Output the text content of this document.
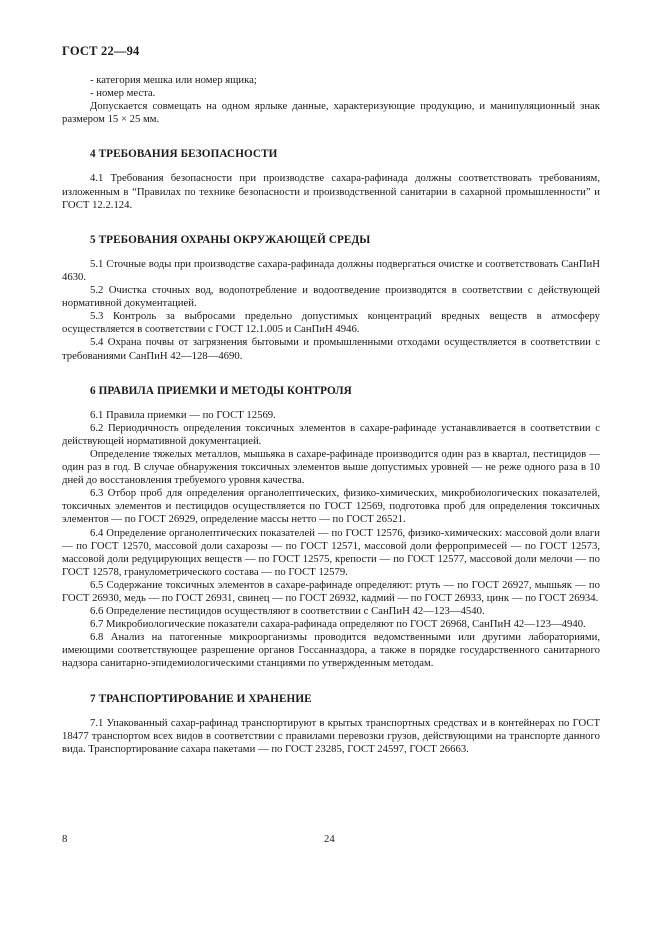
ГОСТ 22—94

- категория мешка или номер ящика;

- номер места.

Допускается совмещать на одном ярлыке данные, характеризующие продукцию, и манипуляционный знак размером 15 × 25 мм.

4 ТРЕБОВАНИЯ БЕЗОПАСНОСТИ

4.1 Требования безопасности при производстве сахара-рафинада должны соответствовать требованиям, изложенным в “Правилах по технике безопасности и производственной санитарии в сахарной промышленности” и ГОСТ 12.2.124.

5 ТРЕБОВАНИЯ ОХРАНЫ ОКРУЖАЮЩЕЙ СРЕДЫ

5.1 Сточные воды при производстве сахара-рафинада должны подвергаться очистке и соответствовать СанПиН 4630.

5.2 Очистка сточных вод, водопотребление и водоотведение производятся в соответствии с действующей нормативной документацией.

5.3 Контроль за выбросами предельно допустимых концентраций вредных веществ в атмосферу осуществляется в соответствии с ГОСТ 12.1.005 и СанПиН 4946.

5.4 Охрана почвы от загрязнения бытовыми и промышленными отходами осуществляется в соответствии с требованиями СанПиН 42—128—4690.

6 ПРАВИЛА ПРИЕМКИ И МЕТОДЫ КОНТРОЛЯ

6.1 Правила приемки — по ГОСТ 12569.

6.2 Периодичность определения токсичных элементов в сахаре-рафинаде устанавливается в соответствии с действующей нормативной документацией.

Определение тяжелых металлов, мышьяка в сахаре-рафинаде производится один раз в квартал, пестицидов — один раз в год. В случае обнаружения токсичных элементов выше допустимых уровней — не реже одного раза в 10 дней до восстановления требуемого уровня качества.

6.3 Отбор проб для определения органолептических, физико-химических, микробиологических показателей, токсичных элементов и пестицидов осуществляется по ГОСТ 12569, подготовка проб для определения токсичных элементов — по ГОСТ 26929, определение массы нетто — по ГОСТ 26521.

6.4 Определение органолептических показателей — по ГОСТ 12576, физико-химических: массовой доли влаги — по ГОСТ 12570, массовой доли сахарозы — по ГОСТ 12571, массовой доли ферропримесей — по ГОСТ 12573, массовой доли редуцирующих веществ — по ГОСТ 12575, крепости — по ГОСТ 12577, массовой доли мелочи — по ГОСТ 12578, гранулометрического состава — по ГОСТ 12579.

6.5 Содержание токсичных элементов в сахаре-рафинаде определяют: ртуть — по ГОСТ 26927, мышьяк — по ГОСТ 26930, медь — по ГОСТ 26931, свинец — по ГОСТ 26932, кадмий — по ГОСТ 26933, цинк — по ГОСТ 26934.

6.6 Определение пестицидов осуществляют в соответствии с СанПиН 42—123—4540.

6.7 Микробиологические показатели сахара-рафинада определяют по ГОСТ 26968, СанПиН 42—123—4940.

6.8 Анализ на патогенные микроорганизмы проводится ведомственными или другими лабораториями, имеющими соответствующее разрешение органов Госсанназдора, а также в порядке государственного санитарного надзора санитарно-эпидемиологическими станциями по утвержденным методам.

7 ТРАНСПОРТИРОВАНИЕ И ХРАНЕНИЕ

7.1 Упакованный сахар-рафинад транспортируют в крытых транспортных средствах и в контейнерах по ГОСТ 18477 транспортом всех видов в соответствии с правилами перевозки грузов, действующими на транспорте данного вида. Транспортирование сахара пакетами — по ГОСТ 23285, ГОСТ 24597, ГОСТ 26663.

8	24
